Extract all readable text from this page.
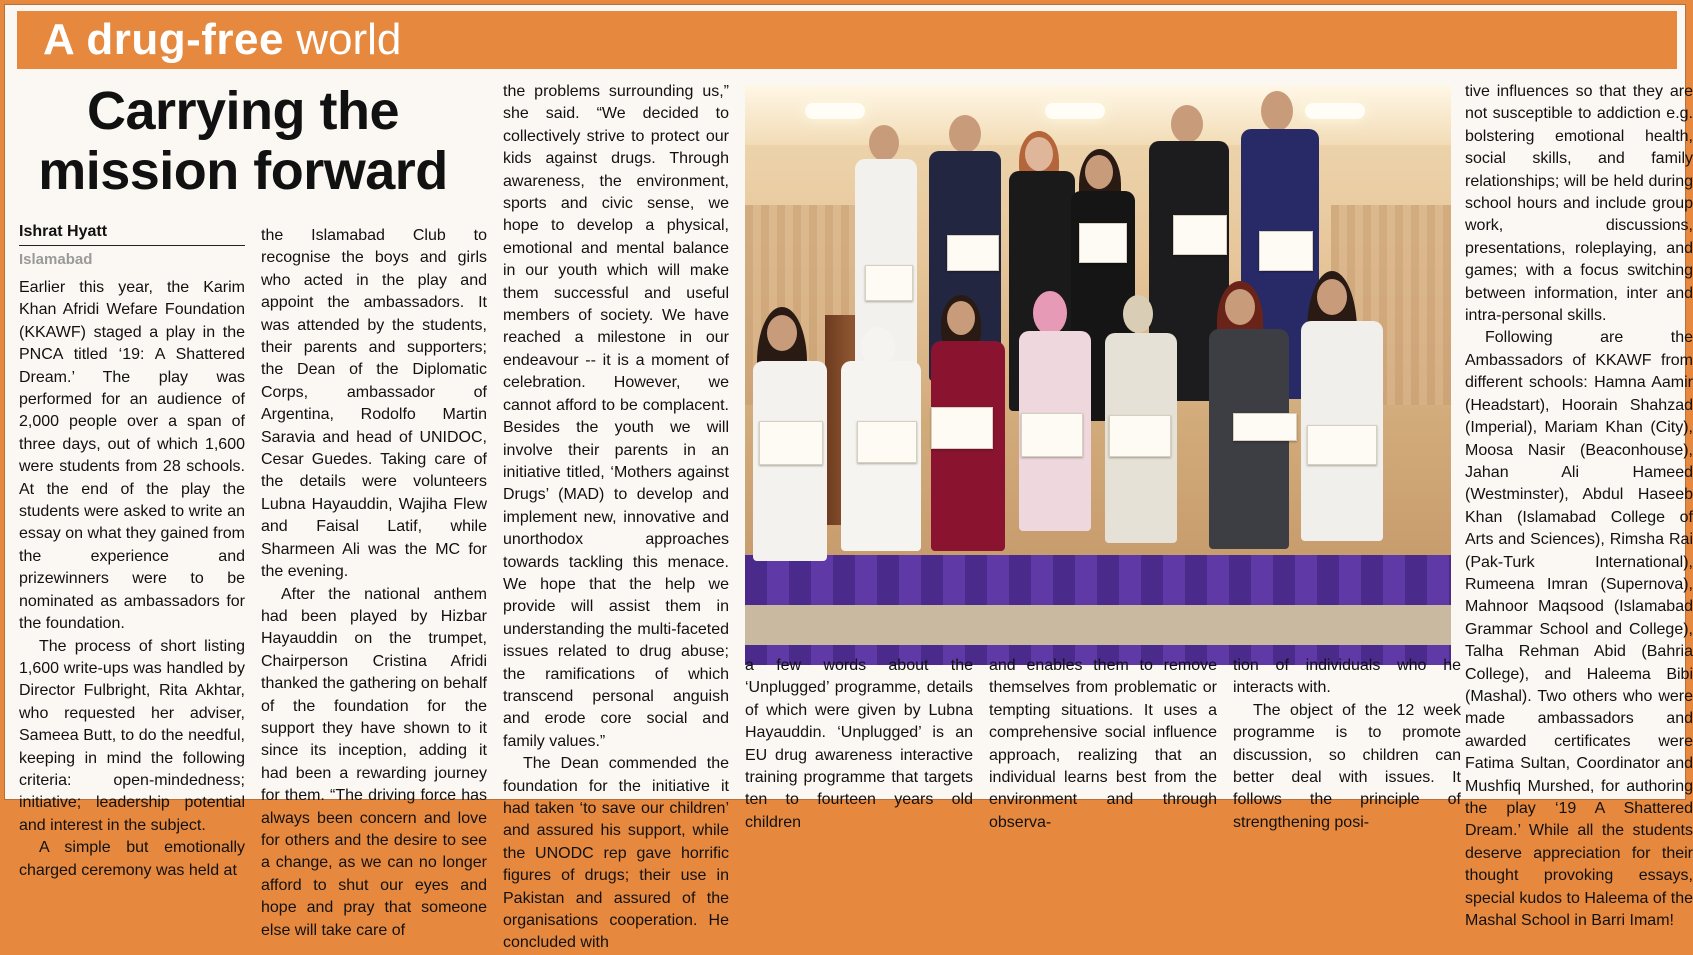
A drug-free world
Carrying the mission forward
Ishrat Hyatt
Islamabad

Earlier this year, the Karim Khan Afridi Wefare Foundation (KKAWF) staged a play in the PNCA titled ‘19: A Shattered Dream.’ The play was performed for an audience of 2,000 people over a span of three days, out of which 1,600 were students from 28 schools. At the end of the play the students were asked to write an essay on what they gained from the experience and prizewinners were to be nominated as ambassadors for the foundation.

The process of short listing 1,600 write-ups was handled by Director Fulbright, Rita Akhtar, who requested her adviser, Sameea Butt, to do the needful, keeping in mind the following criteria: open-mindedness; initiative; leadership potential and interest in the subject.

A simple but emotionally charged ceremony was held at

the Islamabad Club to recognise the boys and girls who acted in the play and appoint the ambassadors. It was attended by the students, their parents and supporters; the Dean of the Diplomatic Corps, ambassador of Argentina, Rodolfo Martin Saravia and head of UNIDOC, Cesar Guedes. Taking care of the details were volunteers Lubna Hayauddin, Wajiha Flew and Faisal Latif, while Sharmeen Ali was the MC for the evening.

After the national anthem had been played by Hizbar Hayauddin on the trumpet, Chairperson Cristina Afridi thanked the gathering on behalf of the foundation for the support they have shown to it since its inception, adding it had been a rewarding journey for them. “The driving force has always been concern and love for others and the desire to see a change, as we can no longer afford to shut our eyes and hope and pray that someone else will take care of

the problems surrounding us,” she said. “We decided to collectively strive to protect our kids against drugs. Through awareness, the environment, sports and civic sense, we hope to develop a physical, emotional and mental balance in our youth which will make them successful and useful members of society. We have reached a milestone in our endeavour -- it is a moment of celebration. However, we cannot afford to be complacent. Besides the youth we will involve their parents in an initiative titled, ‘Mothers against Drugs’ (MAD) to develop and implement new, innovative and unorthodox approaches towards tackling this menace. We hope that the help we provide will assist them in understanding the multi-faceted issues related to drug abuse; the ramifications of which transcend personal anguish and erode core social and family values.”

The Dean commended the foundation for the initiative it had taken ‘to save our children’ and assured his support, while the UNODC rep gave horrific figures of drugs; their use in Pakistan and assured of the organisations cooperation. He concluded with

a few words about the ‘Unplugged’ programme, details of which were given by Lubna Hayauddin. ‘Unplugged’ is an EU drug awareness interactive training programme that targets ten to fourteen years old children

and enables them to remove themselves from problematic or tempting situations. It uses a comprehensive social influence approach, realizing that an individual learns best from the environment and through observa-

tion of individuals who he interacts with.

The object of the 12 week programme is to promote discussion, so children can better deal with issues. It follows the principle of strengthening posi-

tive influences so that they are not susceptible to addiction e.g. bolstering emotional health, social skills, and family relationships; will be held during school hours and include group work, discussions, presentations, roleplaying, and games; with a focus switching between information, inter and intra-personal skills.

Following are the Ambassadors of KKAWF from different schools: Hamna Aamir (Headstart), Hoorain Shahzad (Imperial), Mariam Khan (City), Moosa Nasir (Beaconhouse), Jahan Ali Hameed (Westminster), Abdul Haseeb Khan (Islamabad College of Arts and Sciences), Rimsha Rai (Pak-Turk International), Rumeena Imran (Supernova), Mahnoor Maqsood (Islamabad Grammar School and College), Talha Rehman Abid (Bahria College), and Haleema Bibi (Mashal). Two others who were made ambassadors and awarded certificates were Fatima Sultan, Coordinator and Mushfiq Murshed, for authoring the play ‘19 A Shattered Dream.’ While all the students deserve appreciation for their thought provoking essays, special kudos to Haleema of the Mashal School in Barri Imam!
